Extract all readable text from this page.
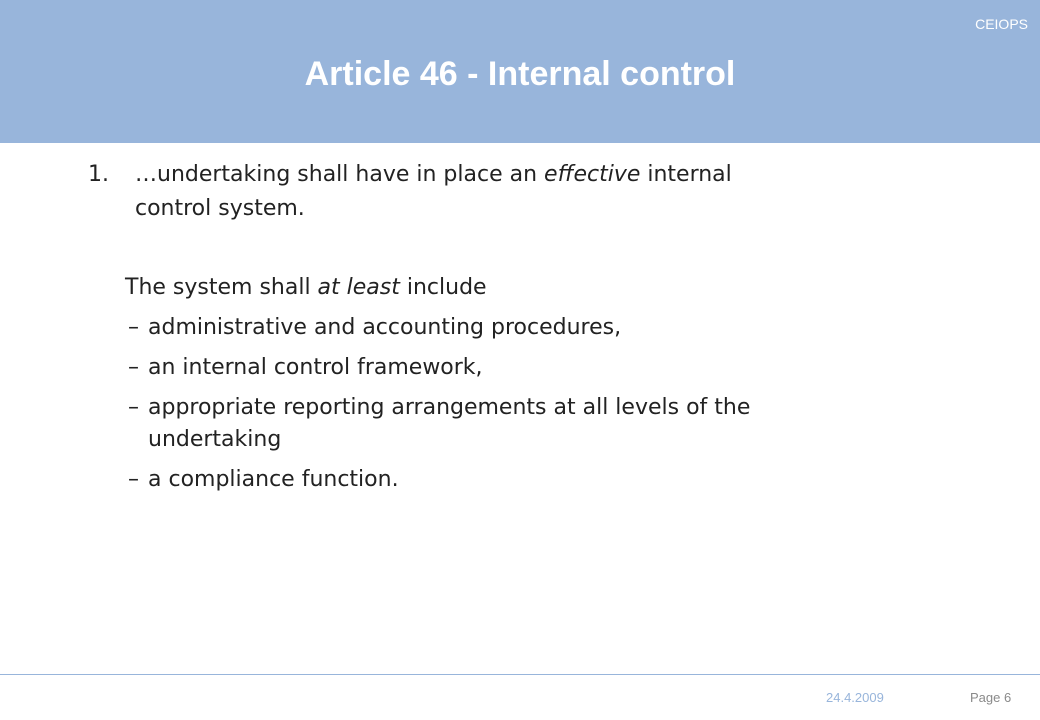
CEIOPS
Article 46 - Internal control
1. …undertaking shall have in place an effective internal
control system.
The system shall at least include
– administrative and accounting procedures,
– an internal control framework,
– appropriate reporting arrangements at all levels of the
undertaking
– a compliance function.
24.4.2009	Page 6
